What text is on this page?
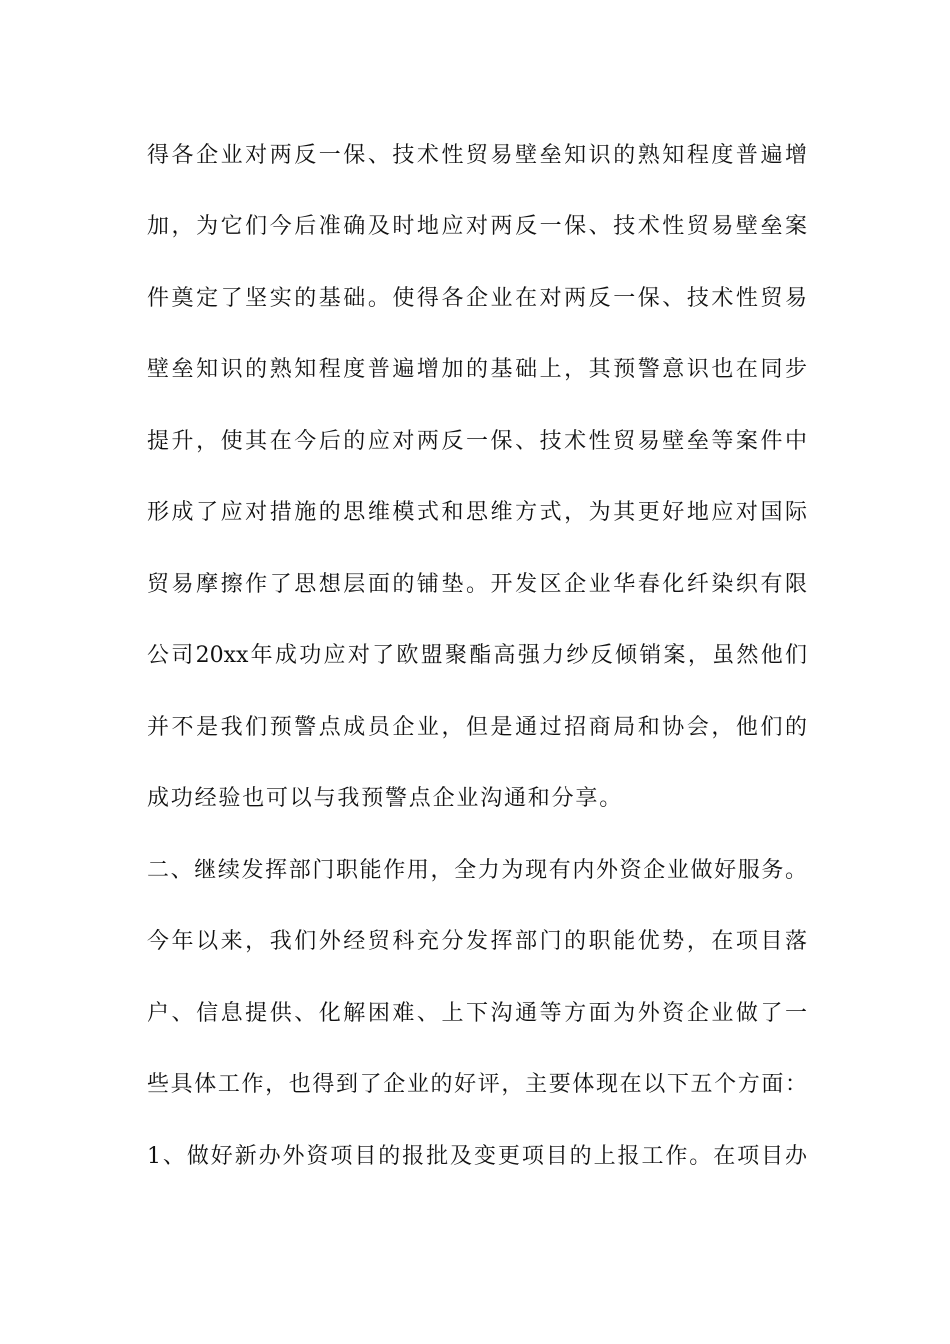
得各企业对两反一保、技术性贸易壁垒知识的熟知程度普遍增
加，为它们今后准确及时地应对两反一保、技术性贸易壁垒案
件奠定了坚实的基础。使得各企业在对两反一保、技术性贸易
壁垒知识的熟知程度普遍增加的基础上，其预警意识也在同步
提升，使其在今后的应对两反一保、技术性贸易壁垒等案件中
形成了应对措施的思维模式和思维方式，为其更好地应对国际
贸易摩擦作了思想层面的铺垫。开发区企业华春化纤染织有限
公司20xx年成功应对了欧盟聚酯高强力纱反倾销案，虽然他们
并不是我们预警点成员企业，但是通过招商局和协会，他们的
成功经验也可以与我预警点企业沟通和分享。
二、继续发挥部门职能作用，全力为现有内外资企业做好服务。
今年以来，我们外经贸科充分发挥部门的职能优势，在项目落
户、信息提供、化解困难、上下沟通等方面为外资企业做了一
些具体工作，也得到了企业的好评，主要体现在以下五个方面：
1、做好新办外资项目的报批及变更项目的上报工作。在项目办
